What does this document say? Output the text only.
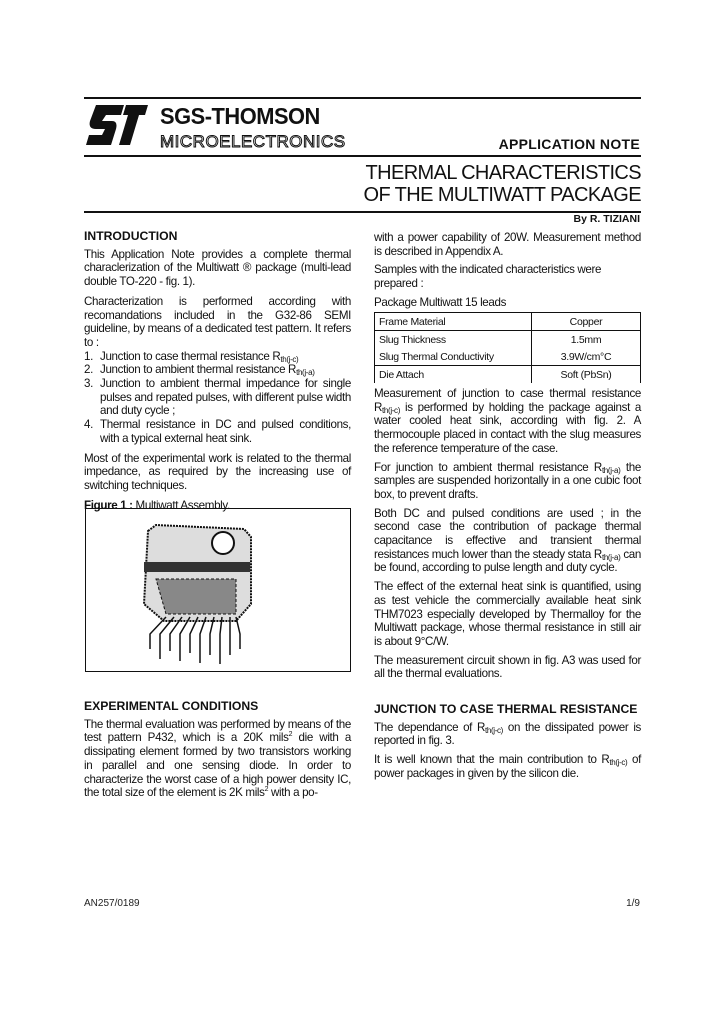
SGS-THOMSON
MICROELECTRONICS	APPLICATION NOTE
THERMAL CHARACTERISTICS
OF THE MULTIWATT PACKAGE
By R. TIZIANI
INTRODUCTION

This Application Note provides a complete thermal characlerization of the Multiwatt ® package (multi-lead double TO-220 - fig. 1).

Characterization is performed according with recomandations included in the G32-86 SEMI guideline, by means of a dedicated test pattern. It refers to :

1. Junction to case thermal resistance $R_{th(j-c)}$
2. Junction to ambient thermal resistance $R_{th(j-a)}$
3. Junction to ambient thermal impedance for single pulses and repated pulses, with different pulse width and duty cycle ;
4. Thermal resistance in DC and pulsed conditions, with a typical external heat sink.

Most of the experimental work is related to the thermal impedance, as required by the increasing use of switching techniques.

Figure 1 : Multiwatt Assembly.

EXPERIMENTAL CONDITIONS

The thermal evaluation was performed by means of the test pattern P432, which is a 20K mils$^2$ die with a dissipating element formed by two transistors working in parallel and one sensing diode. In order to characterize the worst case of a high power density IC, the total size of the element is 2K mils$^2$ with a po-

with a power capability of 20W. Measurement method is described in Appendix A.

Samples with the indicated characteristics were prepared :

Package Multiwatt 15 leads

Frame Material	Copper
Slug Thickness	1.5mm
Slug Thermal Conductivity	3.9W/cm°C
Die Attach	Soft (PbSn)

Measurement of junction to case thermal resistance $R_{th(j-c)}$ is performed by holding the package against a water cooled heat sink, according with fig. 2. A thermocouple placed in contact with the slug measures the reference temperature of the case.

For junction to ambient thermal resistance $R_{th(j-a)}$ the samples are suspended horizontally in a one cubic foot box, to prevent drafts.

Both DC and pulsed conditions are used ; in the second case the contribution of package thermal capacitance is effective and transient thermal resistances much lower than the steady stata $R_{th(j-a)}$ can be found, according to pulse length and duty cycle.

The effect of the external heat sink is quantified, using as test vehicle the commercially available heat sink THM7023 especially developed by Thermalloy for the Multiwatt package, whose thermal resistance in still air is about 9°C/W.

The measurement circuit shown in fig. A3 was used for all the thermal evaluations.

JUNCTION TO CASE THERMAL RESISTANCE

The dependance of $R_{th(j-c)}$ on the dissipated power is reported in fig. 3.

It is well known that the main contribution to $R_{th(j-c)}$ of power packages in given by the silicon die.

AN257/0189	1/9
